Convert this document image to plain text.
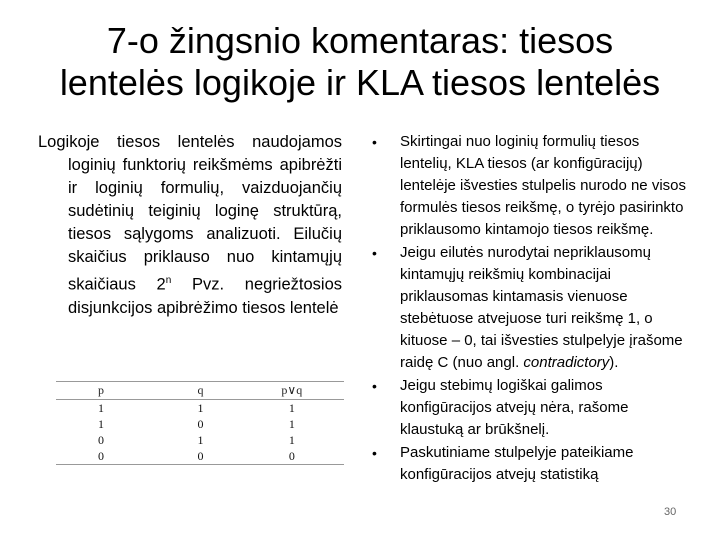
7-o žingsnio komentaras: tiesos
lentelės logikoje ir KLA tiesos lentelės
Logikoje tiesos lentelės naudojamos loginių funktorių reikšmėms apibrėžti ir loginių formulių, vaizduojančių sudėtinių teiginių loginę struktūrą, tiesos sąlygoms analizuoti. Eilučių skaičius priklauso nuo kintamųjų skaičiaus 2$^n$ Pvz. negriežtosios disjunkcijos apibrėžimo tiesos lentelė
p	q	p∨q
1	1	1
1	0	1
0	1	1
0	0	0
• Skirtingai nuo loginių formulių tiesos lentelių, KLA tiesos (ar konfigūracijų) lentelėje išvesties stulpelis nurodo ne visos formulės tiesos reikšmę, o tyrėjo pasirinkto priklausomo kintamojo tiesos reikšmę.
• Jeigu eilutės nurodytai nepriklausomų kintamųjų reikšmių kombinacijai priklausomas kintamasis vienuose stebėtuose atvejuose turi reikšmę 1, o kituose – 0, tai išvesties stulpelyje įrašome raidę C (nuo angl. contradictory).
• Jeigu stebimų logiškai galimos konfigūracijos atvejų nėra, rašome klaustuką ar brūkšnelį.
• Paskutiniame stulpelyje pateikiame konfigūracijos atvejų statistiką
30
